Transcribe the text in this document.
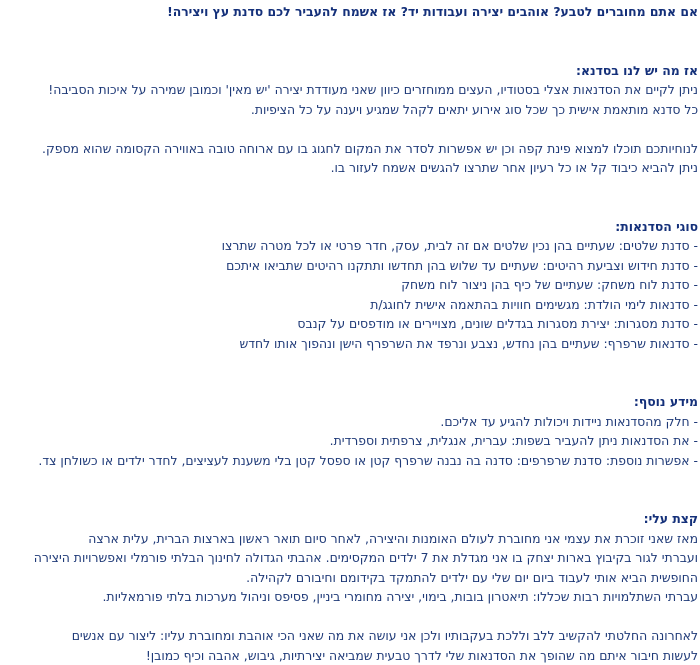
אם אתם מחוברים לטבע? אוהבים יצירה ועבודות יד? אז אשמח להעביר לכם סדנת עץ ויצירה!

אז מה יש לנו בסדנא:

ניתן לקיים את הסדנאות אצלי בסטודיו, העצים ממוחזרים כיוון שאני מעודדת יצירה 'יש מאין' וכמובן שמירה על איכות הסביבה!

כל סדנא מותאמת אישית כך שכל סוג אירוע יתאים לקהל שמגיע ויענה על כל הציפיות.

לנוחיותכם תוכלו למצוא פינת קפה וכן יש אפשרות לסדר את המקום לחגוג בו עם ארוחה טובה באווירה הקסומה שהוא מספק.

ניתן להביא כיבוד קל או כל רעיון אחר שתרצו להגשים אשמח לעזור בו.

סוגי הסדנאות:

- סדנת שלטים: שעתיים בהן נכין שלטים אם זה לבית, עסק, חדר פרטי או לכל מטרה שתרצו

- סדנת חידוש וצביעת רהיטים: שעתיים עד שלוש בהן תחדשו ותתקנו רהיטים שתביאו איתכם

- סדנת לוח משחק: שעתיים של כיף בהן ניצור לוח משחק

- סדנאות לימי הולדת: מגשימים חוויות בהתאמה אישית לחוגג/ת

- סדנת מסגרות: יצירת מסגרות בגדלים שונים, מצויירים או מודפסים על קנבס

- סדנאות שרפרף: שעתיים בהן נחדש, נצבע ונרפד את השרפרף הישן ונהפוך אותו לחדש

מידע נוסף:

- חלק מהסדנאות ניידות ויכולות להגיע עד אליכם.

- את הסדנאות ניתן להעביר בשפות: עברית, אנגלית, צרפתית וספרדית.

- אפשרות נוספת: סדנת שרפרפים: סדנה בה נבנה שרפרף קטן או ספסל קטן בלי משענת לעציצים, לחדר ילדים או כשולחן צד.

קצת עלי:

מאז שאני זוכרת את עצמי אני מחוברת לעולם האומנות והיצירה, לאחר סיום תואר ראשון בארצות הברית, עלית ארצה

ועברתי לגור בקיבוץ בארות יצחק בו אני מגדלת את 7 ילדים המקסימים. אהבתי הגדולה לחינוך הבלתי פורמלי ואפשרויות היצירה

החופשית הביא אותי לעבוד ביום יום שלי עם ילדים להתמקד בקידומם וחיבורם לקהילה.

עברתי השתלמויות רבות שכללו: תיאטרון בובות, בימוי, יצירה מחומרי ביניין, פסיפס וניהול מערכות בלתי פורמאליות.

לאחרונה החלטתי להקשיב ללב וללכת בעקבותיו ולכן אני עושה את מה שאני הכי אוהבת ומחוברת עליו: ליצור עם אנשים

לעשות חיבור איתם מה שהופך את הסדנאות שלי לדרך טבעית שמביאה יצירתיות, גיבוש, אהבה וכיף כמובן!
